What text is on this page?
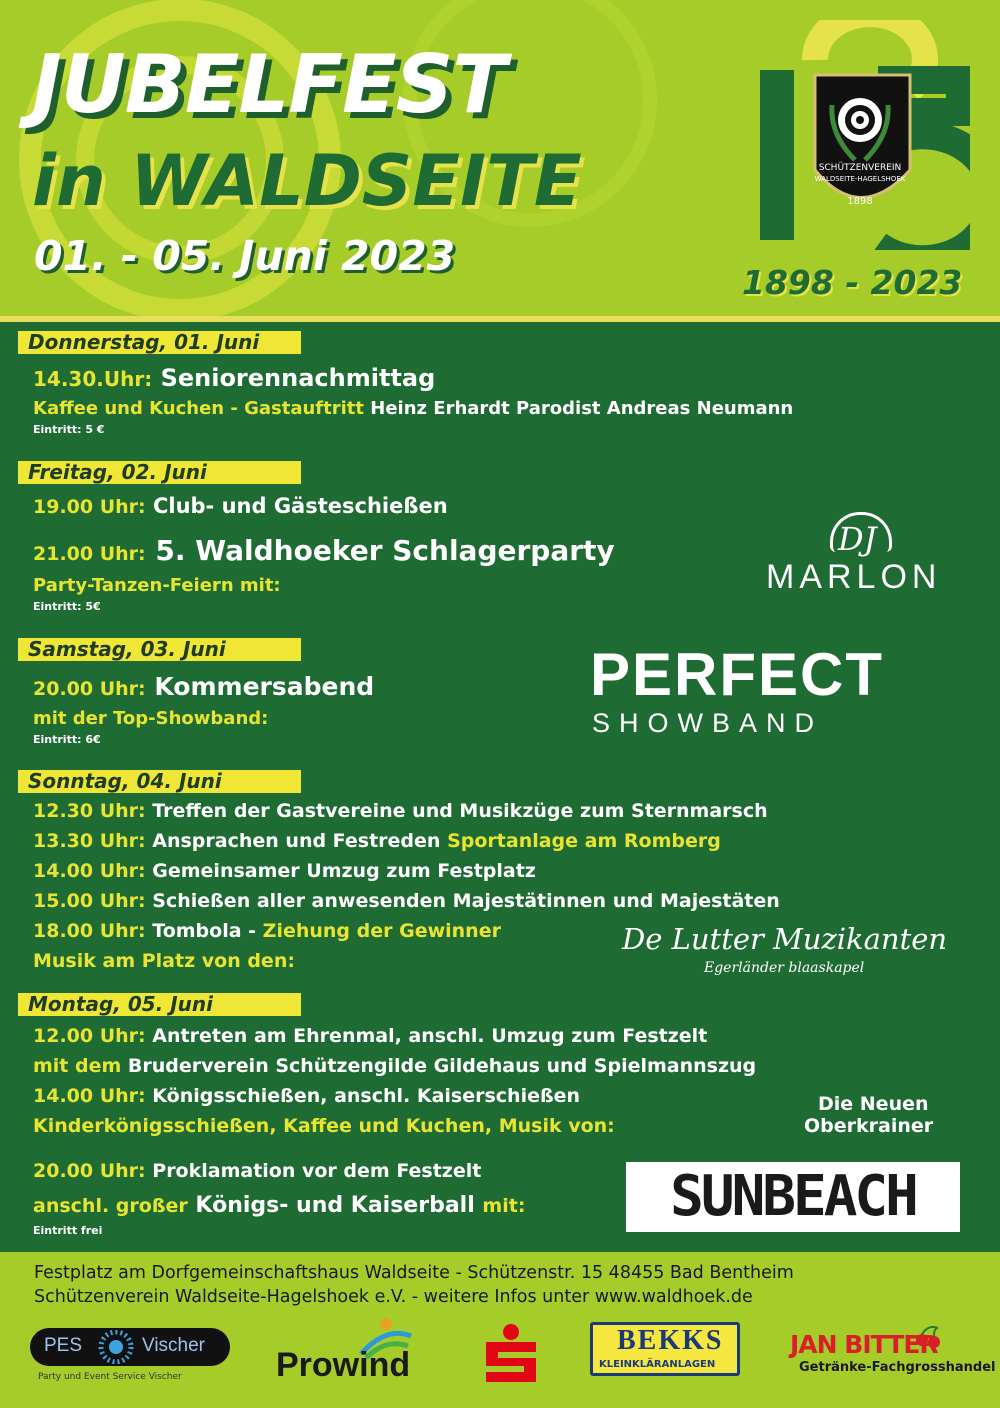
JUBELFEST
in WALDSEITE
01. - 05. Juni 2023
SCHÜTZENVEREIN
WALDSEITE-HAGELSHOEK
1898
1898 - 2023
Donnerstag, 01. Juni
14.30.Uhr: Seniorennachmittag
Kaffee und Kuchen - Gastauftritt Heinz Erhardt Parodist Andreas Neumann
Eintritt: 5 €
Freitag, 02. Juni
19.00 Uhr: Club- und Gästeschießen
21.00 Uhr: 5. Waldhoeker Schlagerparty
Party-Tanzen-Feiern mit:
Eintritt: 5€
DJ
MARLON
Samstag, 03. Juni
20.00 Uhr: Kommersabend
mit der Top-Showband:
Eintritt: 6€
PERFECT
SHOWBAND
Sonntag, 04. Juni
12.30 Uhr: Treffen der Gastvereine und Musikzüge zum Sternmarsch
13.30 Uhr: Ansprachen und Festreden Sportanlage am Romberg
14.00 Uhr: Gemeinsamer Umzug zum Festplatz
15.00 Uhr: Schießen aller anwesenden Majestätinnen und Majestäten
18.00 Uhr: Tombola - Ziehung der Gewinner
Musik am Platz von den:
De Lutter Muzikanten
Egerländer blaaskapel
Montag, 05. Juni
12.00 Uhr: Antreten am Ehrenmal, anschl. Umzug zum Festzelt
mit dem Bruderverein Schützengilde Gildehaus und Spielmannszug
14.00 Uhr: Königsschießen, anschl. Kaiserschießen
Kinderkönigsschießen, Kaffee und Kuchen, Musik von:
Die Neuen
Oberkrainer
20.00 Uhr: Proklamation vor dem Festzelt
anschl. großer Königs- und Kaiserball mit:
Eintritt frei
SUNBEACH
Festplatz am Dorfgemeinschaftshaus Waldseite - Schützenstr. 15 48455 Bad Bentheim
Schützenverein Waldseite-Hagelshoek e.V. - weitere Infos unter www.waldhoek.de
PES	Vischer
Party und Event Service Vischer	Prowind
BEKKS
KLEINKLÄRANLAGEN
JAN BITTER
Getränke-Fachgrosshandel
